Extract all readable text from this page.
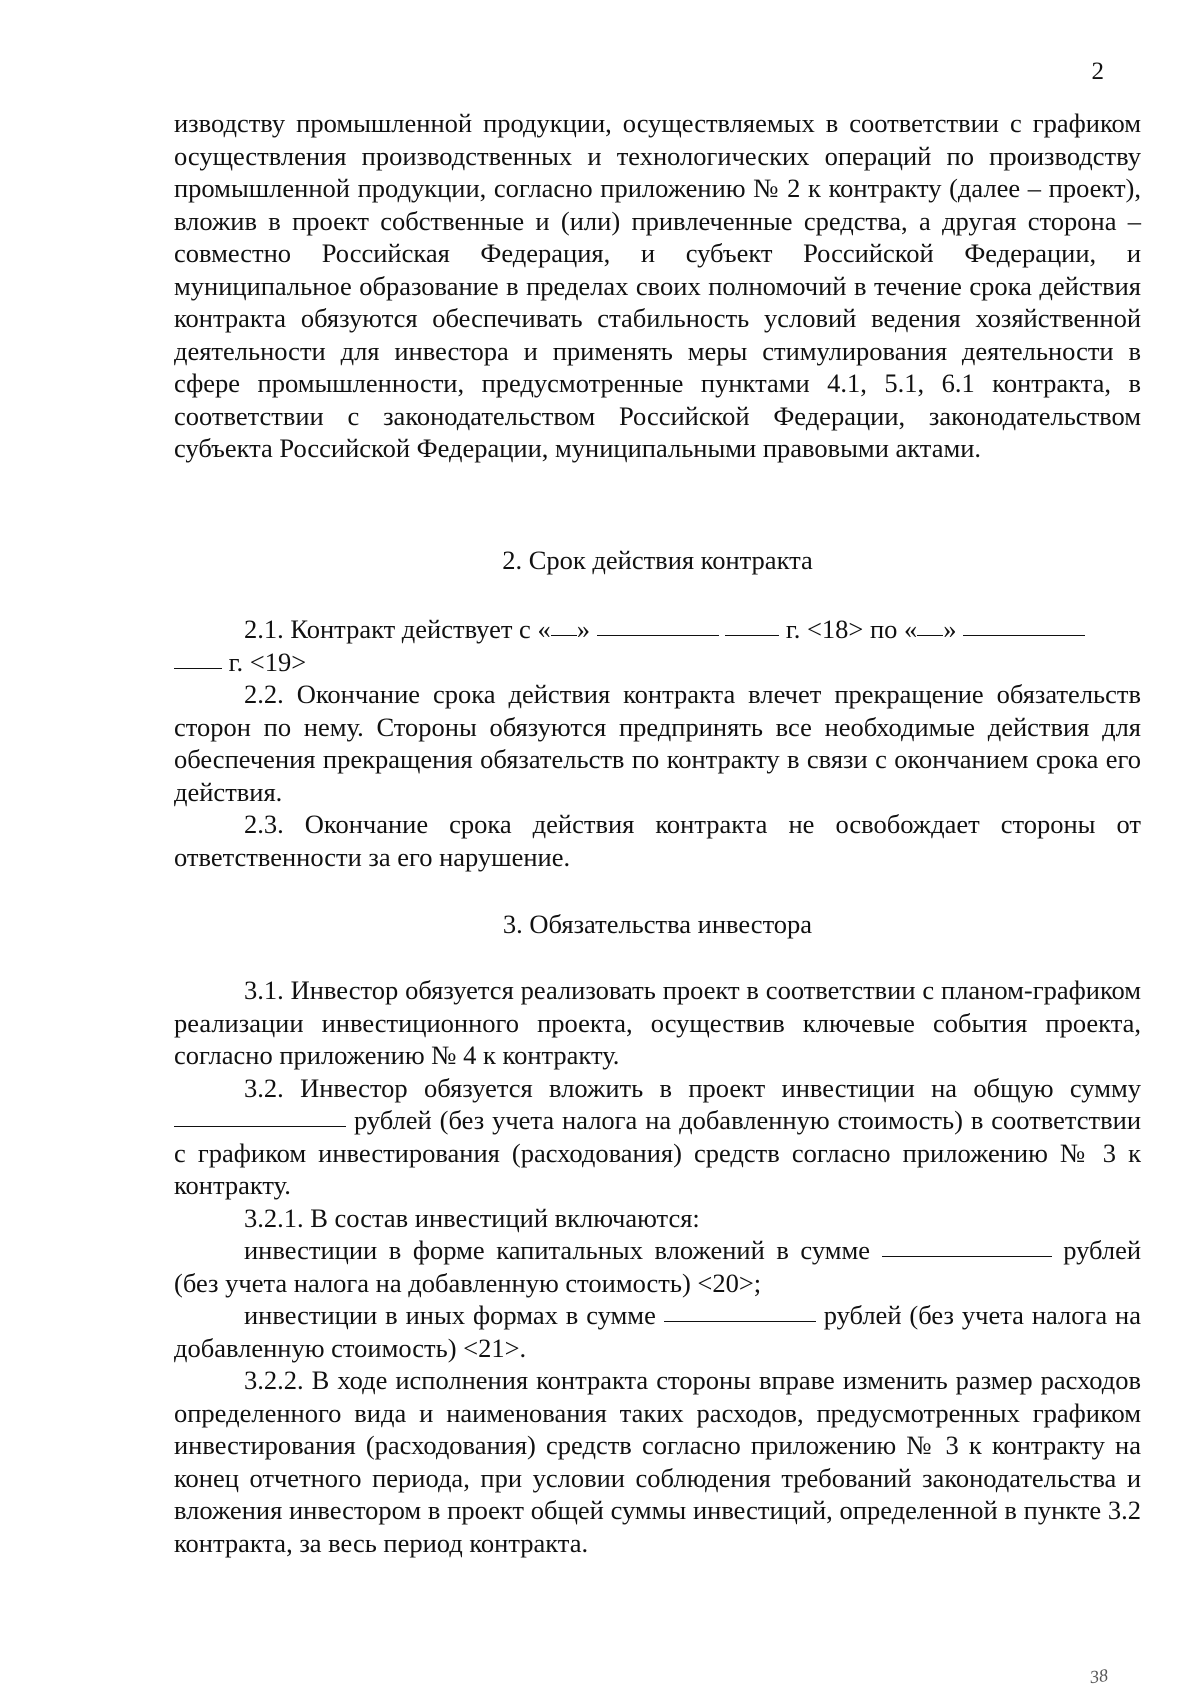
2

изводству промышленной продукции, осуществляемых в соответствии с графиком осуществления производственных и технологических операций по производству промышленной продукции, согласно приложению № 2 к контракту (далее – проект), вложив в проект собственные и (или) привлеченные средства, а другая сторона – совместно Российская Федерация, и субъект Российской Федерации, и муниципальное образование в пределах своих полномочий в течение срока действия контракта обязуются обеспечивать стабильность условий ведения хозяйственной деятельности для инвестора и применять меры стимулирования деятельности в сфере промышленности, предусмотренные пунктами 4.1, 5.1, 6.1 контракта, в соответствии с законодательством Российской Федерации, законодательством субъекта Российской Федерации, муниципальными правовыми актами.

2. Срок действия контракта

2.1. Контракт действует с « »	г. <18> по « »
г. <19>

2.2. Окончание срока действия контракта влечет прекращение обязательств сторон по нему. Стороны обязуются предпринять все необходимые действия для обеспечения прекращения обязательств по контракту в связи с окончанием срока его действия.

2.3. Окончание срока действия контракта не освобождает стороны от ответственности за его нарушение.

3. Обязательства инвестора

3.1. Инвестор обязуется реализовать проект в соответствии с планом-графиком реализации инвестиционного проекта, осуществив ключевые события проекта, согласно приложению № 4 к контракту.

3.2. Инвестор обязуется вложить в проект инвестиции на общую сумму  рублей (без учета налога на добавленную стоимость) в соответствии с графиком инвестирования (расходования) средств согласно приложению № 3 к контракту.

3.2.1. В состав инвестиций включаются:

инвестиции в форме капитальных вложений в сумме	рублей (без учета налога на добавленную стоимость) <20>;

инвестиции в иных формах в сумме	рублей (без учета налога на добавленную стоимость) <21>.

3.2.2. В ходе исполнения контракта стороны вправе изменить размер расходов определенного вида и наименования таких расходов, предусмотренных графиком инвестирования (расходования) средств согласно приложению № 3 к контракту на конец отчетного периода, при условии соблюдения требований законодательства и вложения инвестором в проект общей суммы инвестиций, определенной в пункте 3.2 контракта, за весь период контракта.

38
